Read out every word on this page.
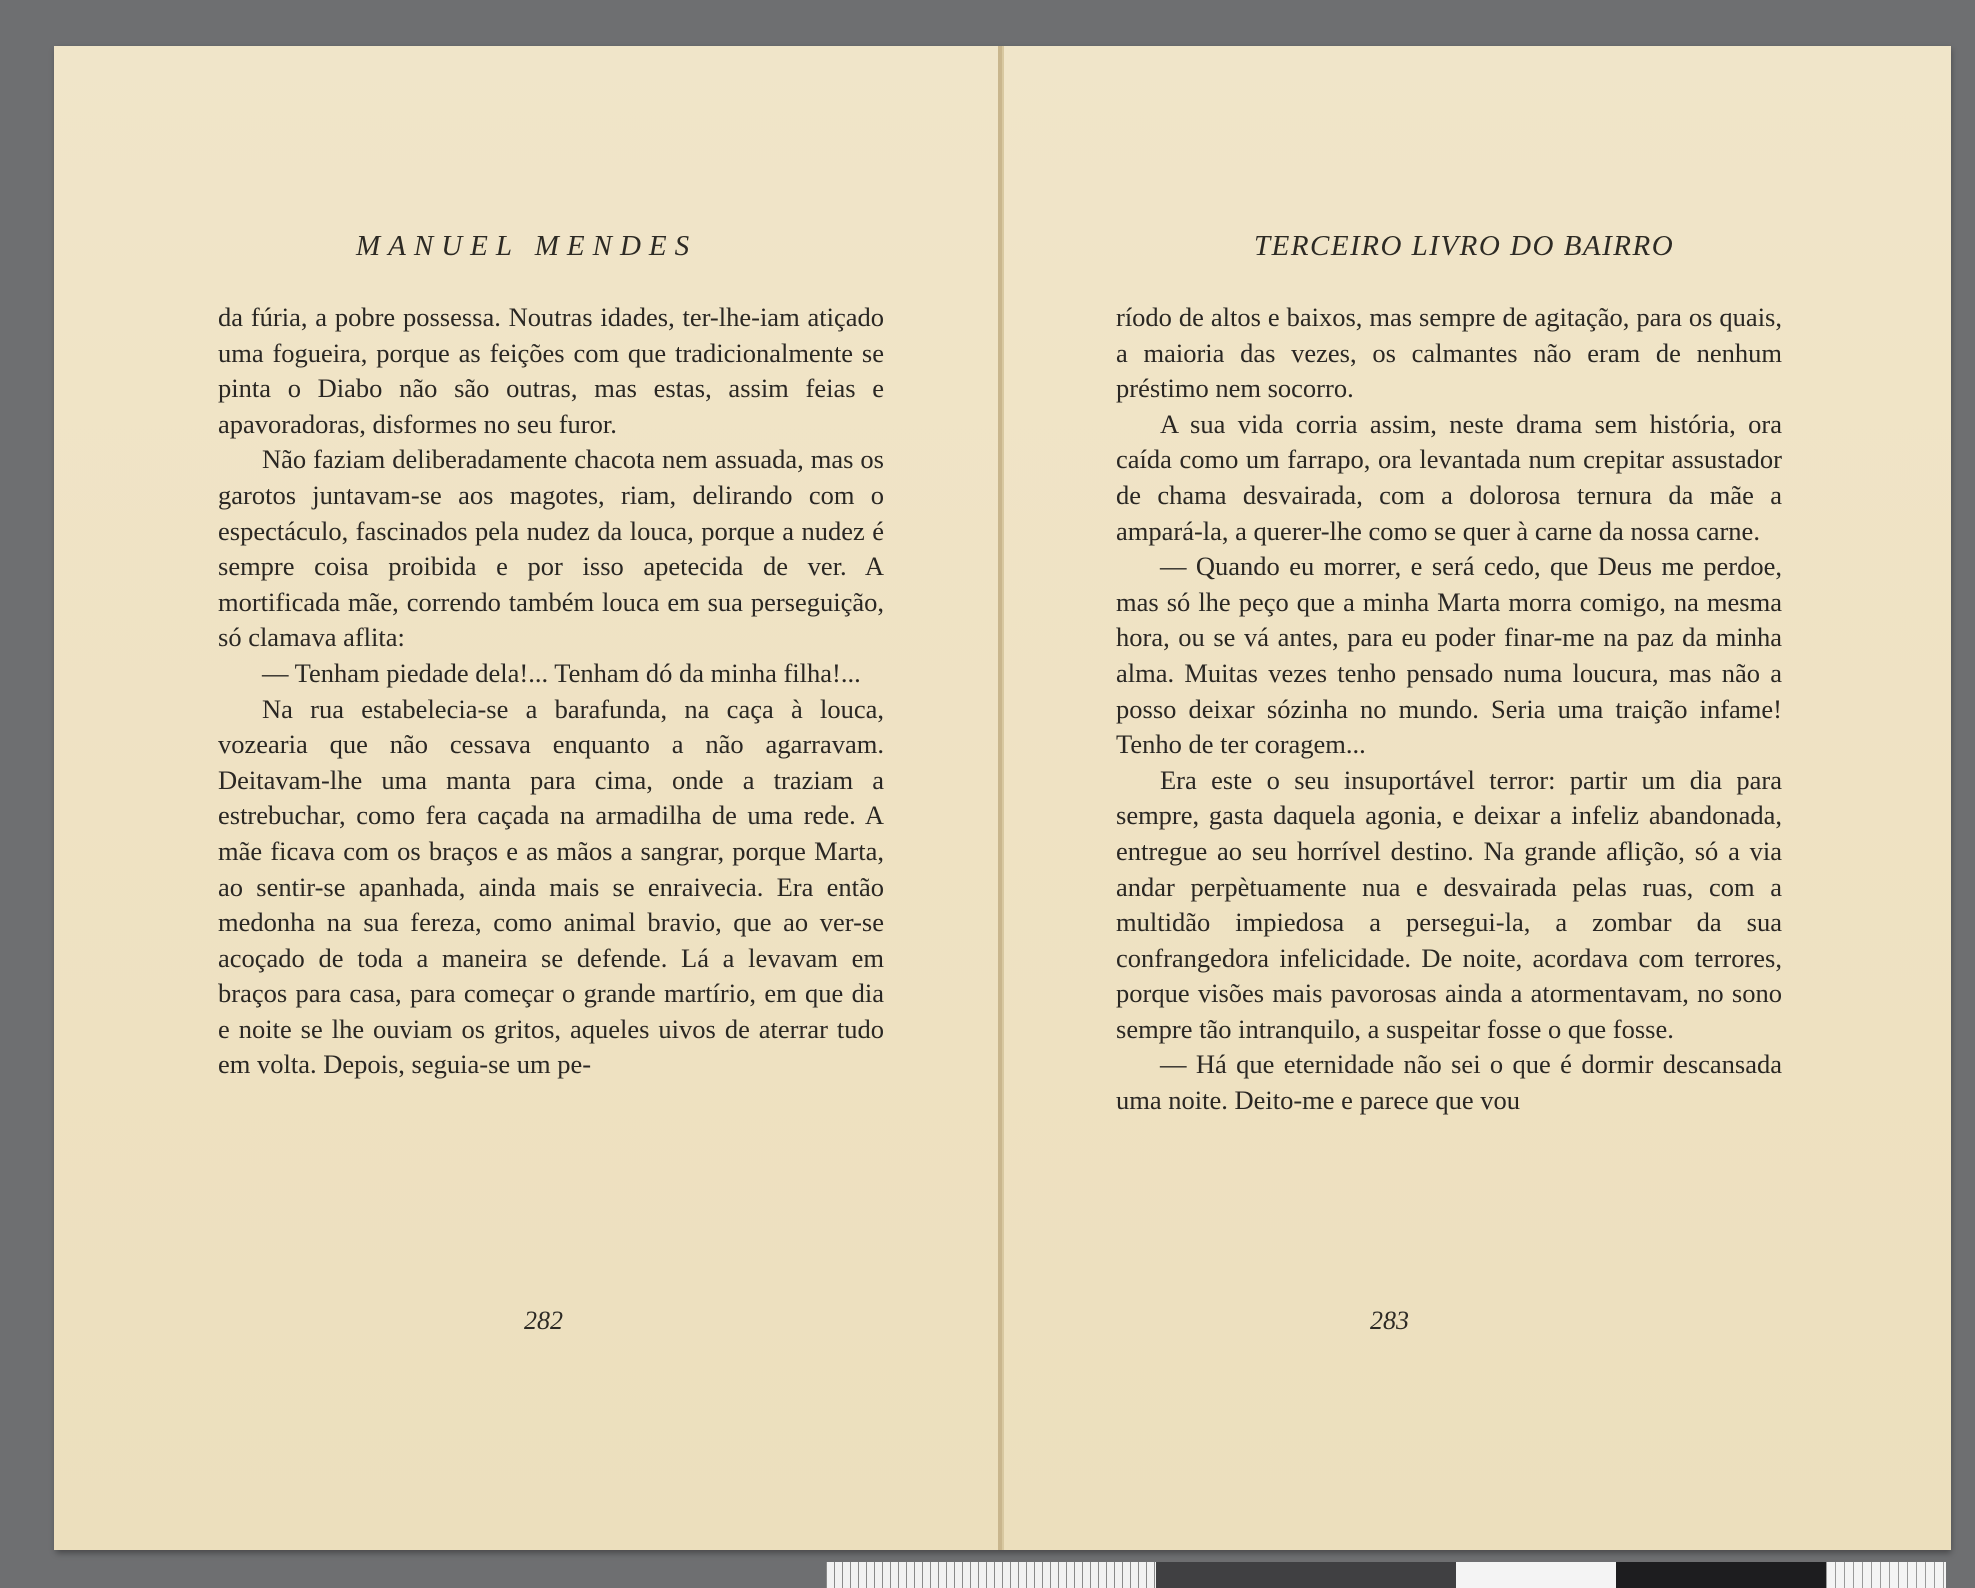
MANUEL MENDES

da fúria, a pobre possessa. Noutras idades, ter-lhe-iam atiçado uma fogueira, porque as feições com que tradicionalmente se pinta o Diabo não são outras, mas estas, assim feias e apavoradoras, disformes no seu furor.

Não faziam deliberadamente chacota nem assuada, mas os garotos juntavam-se aos magotes, riam, delirando com o espectáculo, fascinados pela nudez da louca, porque a nudez é sempre coisa proibida e por isso apetecida de ver. A mortificada mãe, correndo também louca em sua perseguição, só clamava aflita:

— Tenham piedade dela!... Tenham dó da minha filha!...

Na rua estabelecia-se a barafunda, na caça à louca, vozearia que não cessava enquanto a não agarravam. Deitavam-lhe uma manta para cima, onde a traziam a estrebuchar, como fera caçada na armadilha de uma rede. A mãe ficava com os braços e as mãos a sangrar, porque Marta, ao sentir-se apanhada, ainda mais se enraivecia. Era então medonha na sua fereza, como animal bravio, que ao ver-se acoçado de toda a maneira se defende. Lá a levavam em braços para casa, para começar o grande martírio, em que dia e noite se lhe ouviam os gritos, aqueles uivos de aterrar tudo em volta. Depois, seguia-se um pe-

282
TERCEIRO LIVRO DO BAIRRO

ríodo de altos e baixos, mas sempre de agitação, para os quais, a maioria das vezes, os calmantes não eram de nenhum préstimo nem socorro.

A sua vida corria assim, neste drama sem história, ora caída como um farrapo, ora levantada num crepitar assustador de chama desvairada, com a dolorosa ternura da mãe a ampará-la, a querer-lhe como se quer à carne da nossa carne.

— Quando eu morrer, e será cedo, que Deus me perdoe, mas só lhe peço que a minha Marta morra comigo, na mesma hora, ou se vá antes, para eu poder finar-me na paz da minha alma. Muitas vezes tenho pensado numa loucura, mas não a posso deixar sózinha no mundo. Seria uma traição infame! Tenho de ter coragem...

Era este o seu insuportável terror: partir um dia para sempre, gasta daquela agonia, e deixar a infeliz abandonada, entregue ao seu horrível destino. Na grande aflição, só a via andar perpètuamente nua e desvairada pelas ruas, com a multidão impiedosa a persegui-la, a zombar da sua confrangedora infelicidade. De noite, acordava com terrores, porque visões mais pavorosas ainda a atormentavam, no sono sempre tão intranquilo, a suspeitar fosse o que fosse.

— Há que eternidade não sei o que é dormir descansada uma noite. Deito-me e parece que vou

283
